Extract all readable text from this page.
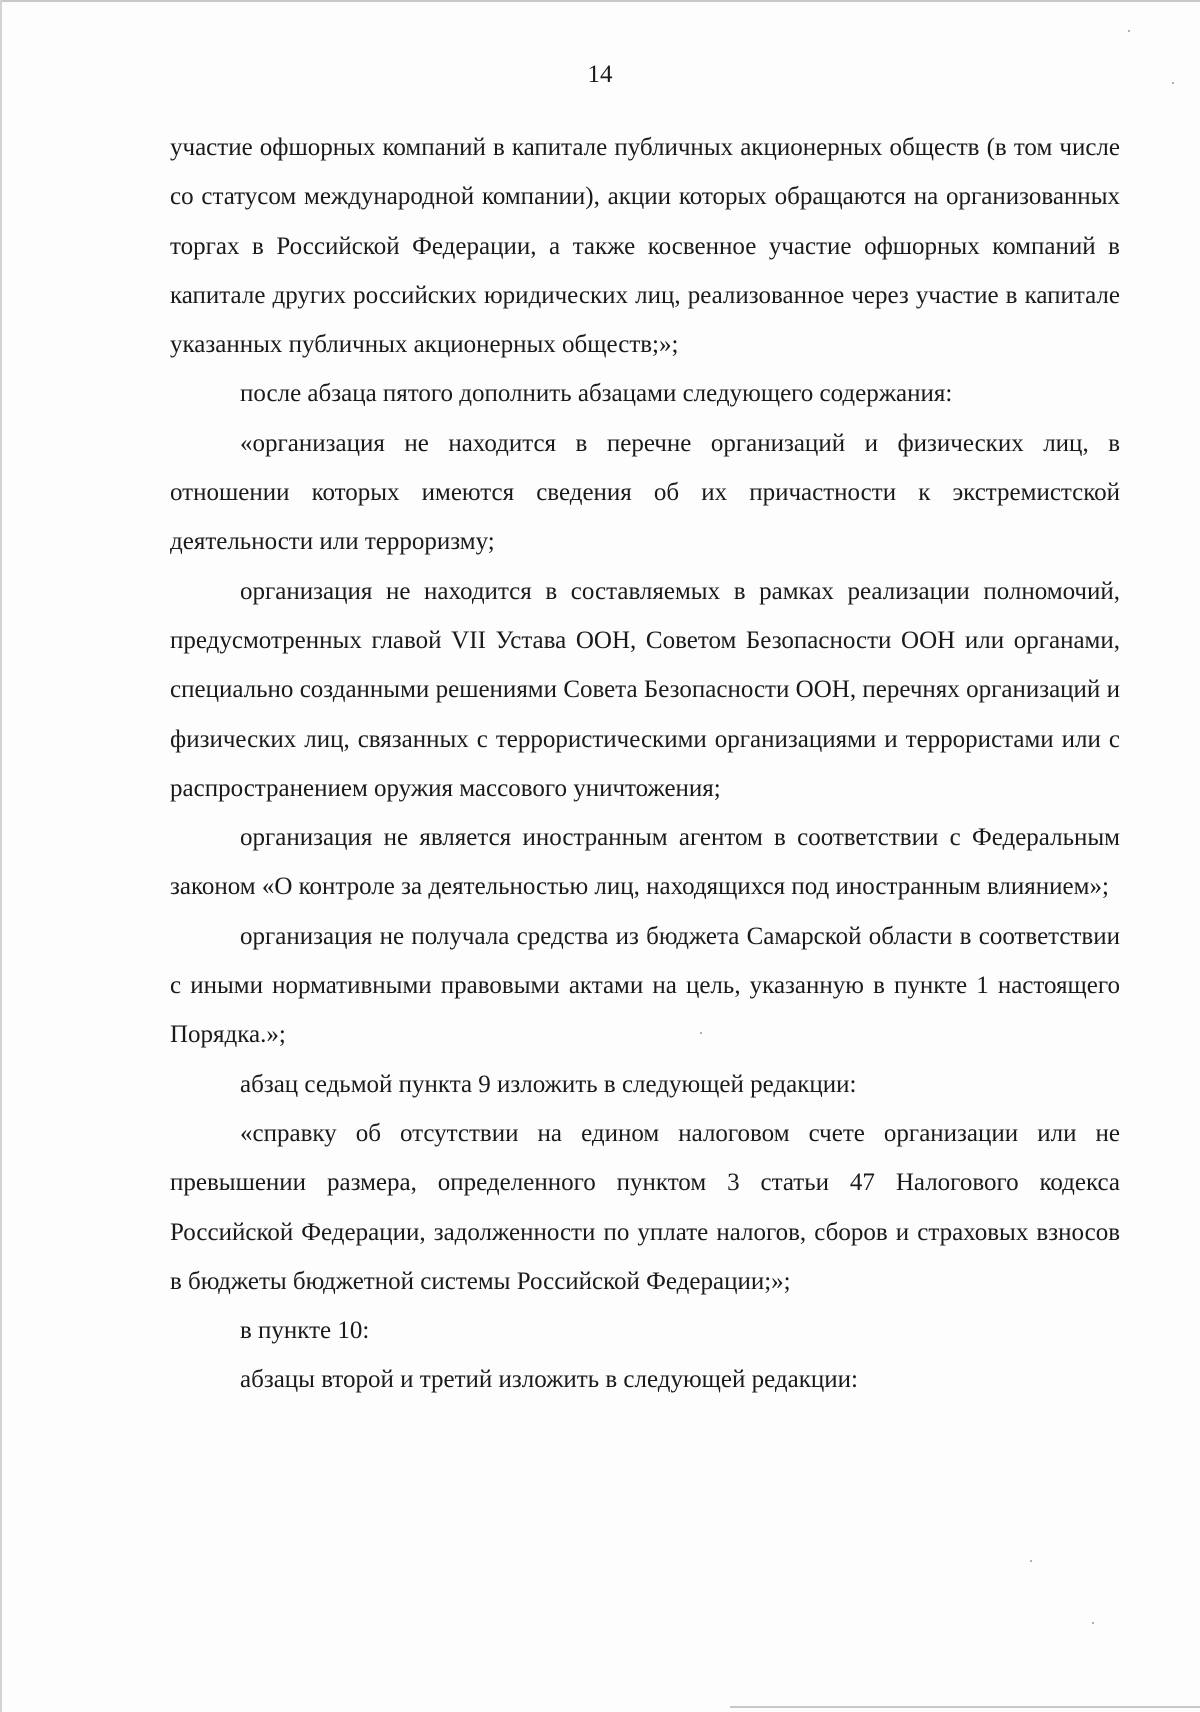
14

участие офшорных компаний в капитале публичных акционерных обществ (в том числе со статусом международной компании), акции которых обращаются на организованных торгах в Российской Федерации, а также косвенное участие офшорных компаний в капитале других российских юридических лиц, реализованное через участие в капитале указанных публичных акционерных обществ;»;

после абзаца пятого дополнить абзацами следующего содержания:

«организация не находится в перечне организаций и физических лиц, в отношении которых имеются сведения об их причастности к экстремистской деятельности или терроризму;

организация не находится в составляемых в рамках реализации полномочий, предусмотренных главой VII Устава ООН, Советом Безопасности ООН или органами, специально созданными решениями Совета Безопасности ООН, перечнях организаций и физических лиц, связанных с террористическими организациями и террористами или с распространением оружия массового уничтожения;

организация не является иностранным агентом в соответствии с Федеральным законом «О контроле за деятельностью лиц, находящихся под иностранным влиянием»;

организация не получала средства из бюджета Самарской области в соответствии с иными нормативными правовыми актами на цель, указанную в пункте 1 настоящего Порядка.»;

абзац седьмой пункта 9 изложить в следующей редакции:

«справку об отсутствии на едином налоговом счете организации или не превышении размера, определенного пунктом 3 статьи 47 Налогового кодекса Российской Федерации, задолженности по уплате налогов, сборов и страховых взносов в бюджеты бюджетной системы Российской Федерации;»;

в пункте 10:

абзацы второй и третий изложить в следующей редакции:
